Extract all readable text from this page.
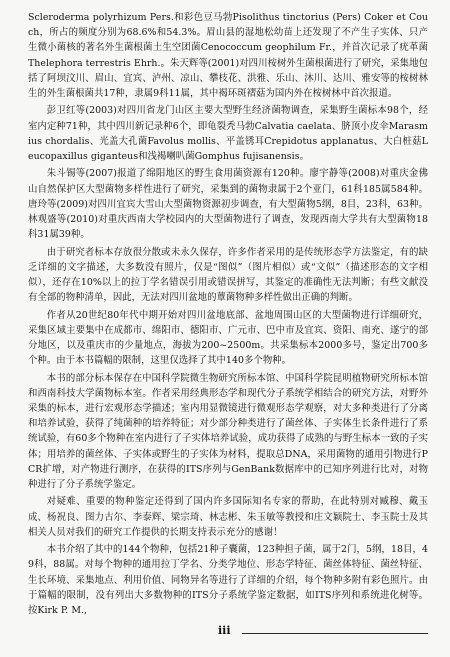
Scleroderma polyrhizum Pers.和彩色豆马勃Pisolithus tinctorius (Pers) Coker et Couch，所占的频度分别为68.6%和54.3%。眉山县的湿地松幼苗上还发现了不产生子实体、只产生微小菌核的著名外生菌根菌土生空团菌Cenococcum geophilum Fr.，并首次记录了疣革菌Thelephora terrestris Ehrh.。朱天辉等(2001)对四川桉树外生菌根菌进行了研究，采集地包括了阿坝汶川、眉山、宜宾、泸州、凉山、攀枝花、洪雅、乐山、沐川、达川、雅安等的桉树林生的外生菌根菌共17种，隶属9科11属，其中褐环斑褶菇为国内外在桉树林中首次报道。

彭卫红等(2003)对四川省龙门山区主要大型野生经济菌物调查，采集野生菌标本98个，经室内定种71种，其中四川新记录种6个，即龟裂秃马勃Calvatia caelata、脐顶小皮伞Marasmius chordalis、光盖大孔菌Favolus mollis、平盖锈耳Crepidotus applanatus、大白桩菇Leucopaxillus giganteus和浅褐喇叭菌Gomphus fujisanensis。

朱斗锡等(2007)报道了绵阳地区的野生食用菌资源有120种。廖宇静等(2008)对重庆金佛山自然保护区大型菌物多样性进行了研究，采集到的菌物隶属于2个亚门，61科185属584种。唐玲等(2009)对四川宜宾大雪山大型菌物资源初步调查，有大型菌物5纲，8目，23科，63种。林观盛等(2010)对重庆西南大学校园内的大型菌物进行了调查，发现西南大学共有大型菌物18科31属39种。

由于研究者标本存放很分散或未永久保存，许多作者采用的是传统形态学方法鉴定，有的缺乏详细的文字描述，大多数没有照片，仅是“图似”（图片相似）或“文似”（描述形态的文字相似），还存在10%以上的拉丁学名错误引用或错误拼写，其鉴定的准确性无法判断；有些文献没有全部的物种清单，因此，无法对四川盆地的蕈菌物种多样性做出正确的判断。

作者从20世纪80年代中期开始对四川盆地底部、盆地周围山区的大型菌物进行详细研究，采集区域主要集中在成都市、绵阳市、德阳市、广元市、巴中市及宜宾、资阳、南充、遂宁的部分地区，以及重庆市的少量地点，海拔为200~2500m。共采集标本2000多号，鉴定出700多个种。由于本书篇幅的限制，这里仅选择了其中140多个物种。

本书的部分标本保存在中国科学院微生物研究所标本馆、中国科学院昆明植物研究所标本馆和西南科技大学菌物标本室。作者采用经典形态学和现代分子系统学相结合的研究方法，对野外采集的标本，进行宏观形态学描述；室内用显微镜进行微观形态学观察，对大多种类进行了分离和培养试验，获得了纯菌种的培养特征；对少部分种类进行了菌丝体、子实体生长条件进行了系统试验，有60多个物种在室内进行了子实体培养试验，成功获得了成熟的与野生标本一致的子实体；用培养的菌丝体、子实体或野生的子实体为材料，提取总DNA，采用菌物的通用引物进行PCR扩增，对产物进行测序，在获得的ITS序列与GenBank数据库中的已知序列进行比对，对物种进行了分子系统学鉴定。

对疑难、重要的物种鉴定还得到了国内许多国际知名专家的帮助，在此特别对臧穆、戴玉成、杨祝良、图力古尔、李泰辉、梁宗琦、林志彬、朱玉敏等教授和庄文颖院士、李玉院士及其相关人员对我们的研究工作提供的长期支持表示充分的感谢！

本书介绍了其中的144个物种，包括21种子囊菌，123种担子菌，属于2门，5纲，18目，49科，88属。对每个物种的通用拉丁学名、分类学地位、形态学特征、菌丝体特征、菌丝特征、生长环境、采集地点、利用价值、同物异名等进行了详细的介绍，每个物种多附有彩色照片。由于篇幅的限制，没有列出大多数物种的ITS分子系统学鉴定数据，如ITS序列和系统进化树等。按Kirk P. M.,

iii
